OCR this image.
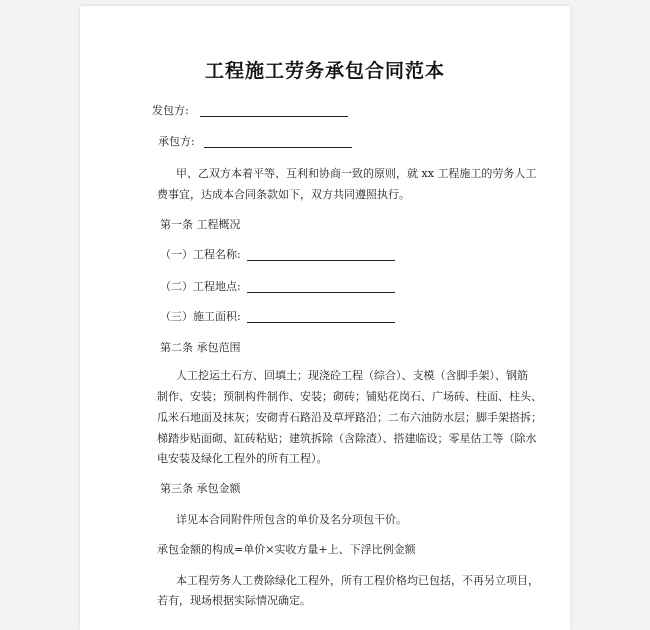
工程施工劳务承包合同范本
发包方:
承包方:
甲、乙双方本着平等、互利和协商一致的原则，就 xx 工程施工的劳务人工
费事宜，达成本合同条款如下，双方共同遵照执行。
第一条 工程概况
（一）工程名称:
（二）工程地点:
（三）施工面积:
第二条 承包范围
人工挖运土石方、回填土；现浇砼工程（综合）、支模（含脚手架）、钢筋
制作、安装；预制构件制作、安装；砌砖；铺贴花岗石、广场砖、柱面、柱头、
瓜米石地面及抹灰；安砌青石路沿及草坪路沿；二布六油防水层；脚手架搭拆；
梯踏步贴面砌、缸砖粘贴；建筑拆除（含除渣）、搭建临设；零星估工等（除水
电安装及绿化工程外的所有工程）。
第三条 承包金额
详见本合同附件所包含的单价及名分项包干价。
承包金额的构成=单价×实收方量+上、下浮比例金额
本工程劳务人工费除绿化工程外，所有工程价格均已包括，不再另立项目，
若有，现场根据实际情况确定。
